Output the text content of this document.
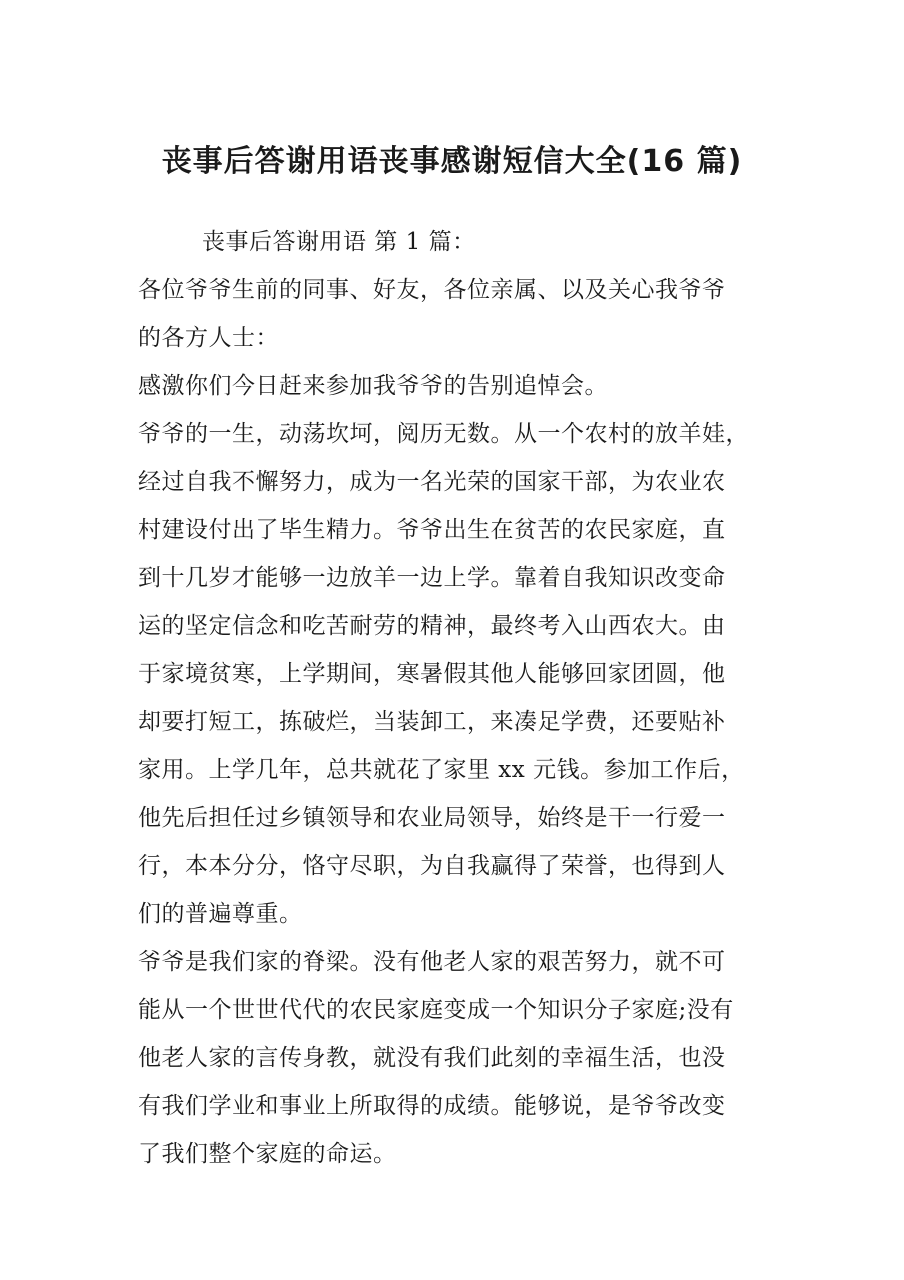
丧事后答谢用语丧事感谢短信大全(16 篇)
丧事后答谢用语 第 1 篇：
各位爷爷生前的同事、好友，各位亲属、以及关心我爷爷
的各方人士：
感激你们今日赶来参加我爷爷的告别追悼会。
爷爷的一生，动荡坎坷，阅历无数。从一个农村的放羊娃，
经过自我不懈努力，成为一名光荣的国家干部，为农业农
村建设付出了毕生精力。爷爷出生在贫苦的农民家庭，直
到十几岁才能够一边放羊一边上学。靠着自我知识改变命
运的坚定信念和吃苦耐劳的精神，最终考入山西农大。由
于家境贫寒，上学期间，寒暑假其他人能够回家团圆，他
却要打短工，拣破烂，当装卸工，来凑足学费，还要贴补
家用。上学几年，总共就花了家里 xx 元钱。参加工作后，
他先后担任过乡镇领导和农业局领导，始终是干一行爱一
行，本本分分，恪守尽职，为自我赢得了荣誉，也得到人
们的普遍尊重。
爷爷是我们家的脊梁。没有他老人家的艰苦努力，就不可
能从一个世世代代的农民家庭变成一个知识分子家庭;没有
他老人家的言传身教，就没有我们此刻的幸福生活，也没
有我们学业和事业上所取得的成绩。能够说，是爷爷改变
了我们整个家庭的命运。
